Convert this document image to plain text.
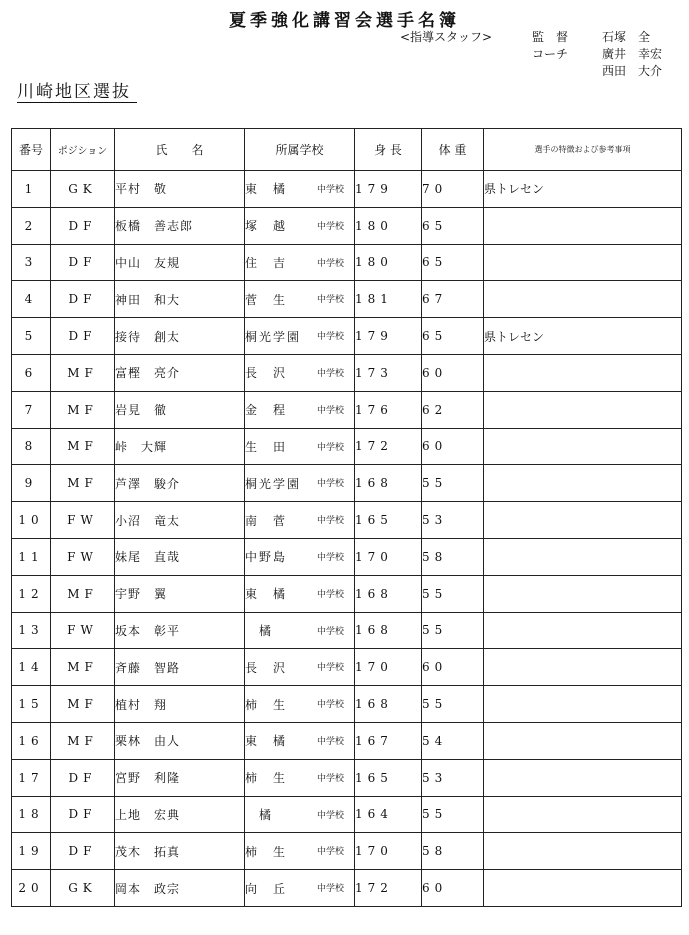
夏季強化講習会選手名簿
<指導スタッフ>	監　督	石塚　全
コーチ	廣井　幸宏
西田　大介
川崎地区選抜
番号	ポジション	氏　　名	所属学校	身 長	体 重	選手の特徴および参考事項
1	GK	平村　敬	東　橘 中学校	179	70	県トレセン
2	DF	板橋　善志郎	塚　越 中学校	180	65	
3	DF	中山　友規	住　吉 中学校	180	65	
4	DF	神田　和大	菅　生 中学校	181	67	
5	DF	接待　創太	桐光学園 中学校	179	65	県トレセン
6	MF	富樫　亮介	長　沢 中学校	173	60	
7	MF	岩見　徹	金　程 中学校	176	62	
8	MF	峠　大輝	生　田 中学校	172	60	
9	MF	芦澤　駿介	桐光学園 中学校	168	55	
10	FW	小沼　竜太	南　菅 中学校	165	53	
11	FW	妹尾　直哉	中野島 中学校	170	58	
12	MF	宇野　翼	東　橘 中学校	168	55	
13	FW	坂本　彰平	　橘 中学校	168	55	
14	MF	斉藤　智路	長　沢 中学校	170	60	
15	MF	植村　翔	柿　生 中学校	168	55	
16	MF	栗林　由人	東　橘 中学校	167	54	
17	DF	宮野　利隆	柿　生 中学校	165	53	
18	DF	上地　宏典	　橘 中学校	164	55	
19	DF	茂木　拓真	柿　生 中学校	170	58	
20	GK	岡本　政宗	向　丘 中学校	172	60	
